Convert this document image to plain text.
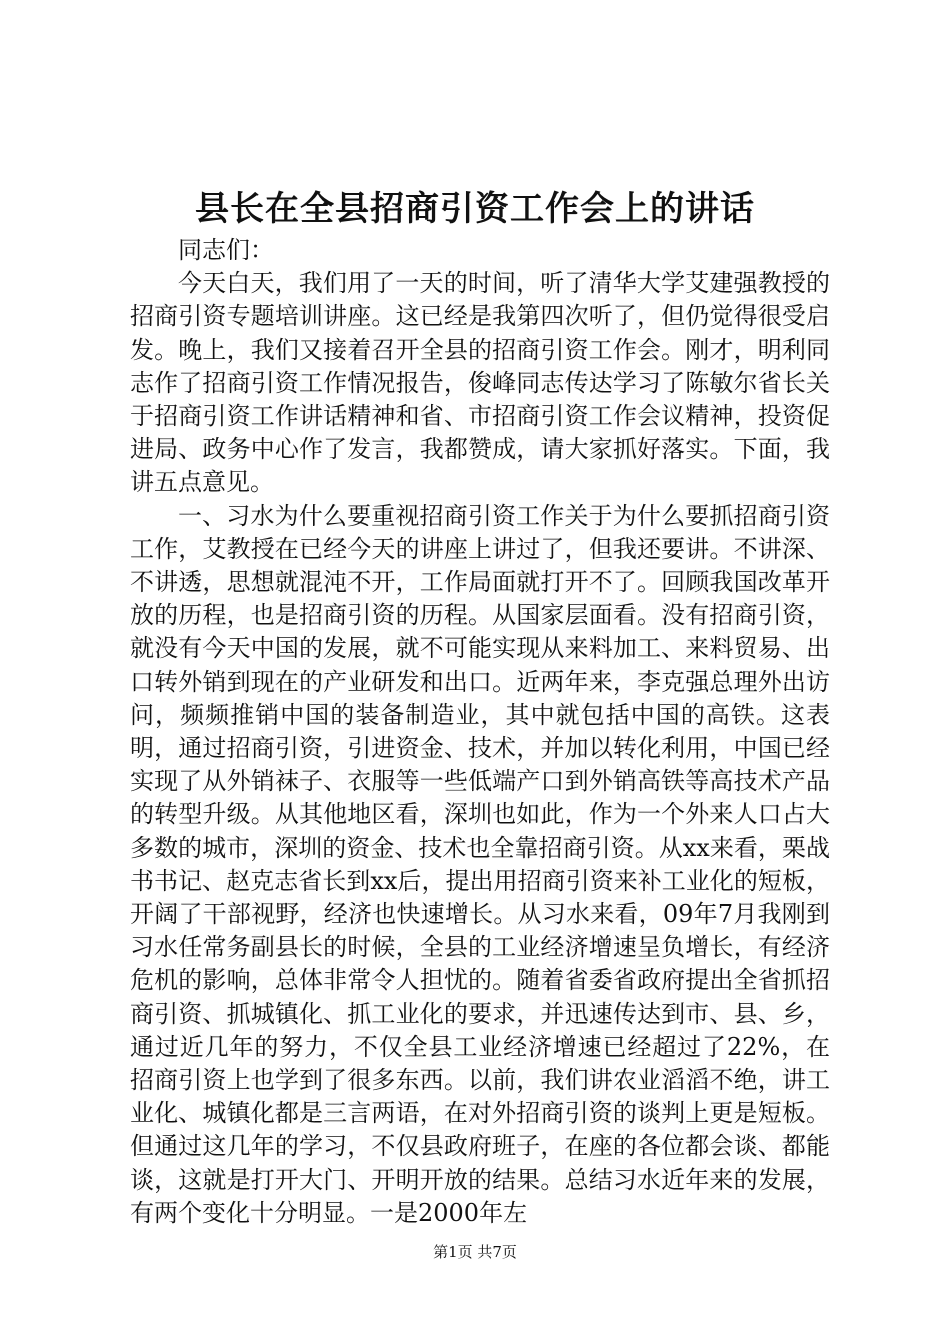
县长在全县招商引资工作会上的讲话

同志们：

今天白天，我们用了一天的时间，听了清华大学艾建强教授的招商引资专题培训讲座。这已经是我第四次听了，但仍觉得很受启发。晚上，我们又接着召开全县的招商引资工作会。刚才，明利同志作了招商引资工作情况报告，俊峰同志传达学习了陈敏尔省长关于招商引资工作讲话精神和省、市招商引资工作会议精神，投资促进局、政务中心作了发言，我都赞成，请大家抓好落实。下面，我讲五点意见。

一、习水为什么要重视招商引资工作关于为什么要抓招商引资工作，艾教授在已经今天的讲座上讲过了，但我还要讲。不讲深、不讲透，思想就混沌不开，工作局面就打开不了。回顾我国改革开放的历程，也是招商引资的历程。从国家层面看。没有招商引资，就没有今天中国的发展，就不可能实现从来料加工、来料贸易、出口转外销到现在的产业研发和出口。近两年来，李克强总理外出访问，频频推销中国的装备制造业，其中就包括中国的高铁。这表明，通过招商引资，引进资金、技术，并加以转化利用，中国已经实现了从外销袜子、衣服等一些低端产口到外销高铁等高技术产品的转型升级。从其他地区看，深圳也如此，作为一个外来人口占大多数的城市，深圳的资金、技术也全靠招商引资。从xx来看，栗战书书记、赵克志省长到xx后，提出用招商引资来补工业化的短板，开阔了干部视野，经济也快速增长。从习水来看，09年7月我刚到习水任常务副县长的时候，全县的工业经济增速呈负增长，有经济危机的影响，总体非常令人担忧的。随着省委省政府提出全省抓招商引资、抓城镇化、抓工业化的要求，并迅速传达到市、县、乡，通过近几年的努力，不仅全县工业经济增速已经超过了22%，在招商引资上也学到了很多东西。以前，我们讲农业滔滔不绝，讲工业化、城镇化都是三言两语，在对外招商引资的谈判上更是短板。但通过这几年的学习，不仅县政府班子，在座的各位都会谈、都能谈，这就是打开大门、开明开放的结果。总结习水近年来的发展，有两个变化十分明显。一是2000年左

第1页 共7页
